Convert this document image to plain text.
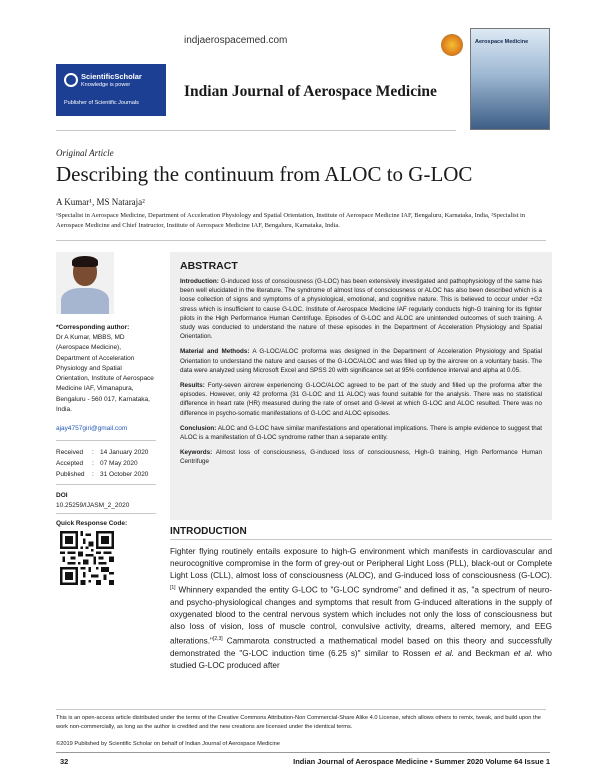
indjaerospacemed.com
ScientificScholar
Knowledge is power
Publisher of Scientific Journals
Indian Journal of Aerospace Medicine
Aerospace Medicine
Original Article
Describing the continuum from ALOC to G-LOC
A Kumar¹, MS Nataraja²
¹Specialist in Aerospace Medicine, Department of Acceleration Physiology and Spatial Orientation, Institute of Aerospace Medicine IAF, Bengaluru, Karnataka, India, ²Specialist in Aerospace Medicine and Chief Instructor, Institute of Aerospace Medicine IAF, Bengaluru, Karnataka, India.
*Corresponding author:
Dr A Kumar, MBBS, MD (Aerospace Medicine), Department of Acceleration Physiology and Spatial Orientation, Institute of Aerospace Medicine IAF, Vimanapura, Bengaluru - 560 017, Karnataka, India.
ajay4757giri@gmail.com
Received	: 14 January 2020
Accepted	: 07 May 2020
Published	: 31 October 2020
DOI
10.25259/IJASM_2_2020
Quick Response Code:
ABSTRACT

Introduction: G-induced loss of consciousness (G-LOC) has been extensively investigated and pathophysiology of the same has been well elucidated in the literature. The syndrome of almost loss of consciousness or ALOC has also been described which is a loose collection of signs and symptoms of a physiological, emotional, and cognitive nature. This is believed to occur under +Gz stress which is insufficient to cause G-LOC. Institute of Aerospace Medicine IAF regularly conducts high-G training for its fighter pilots in the High Performance Human Centrifuge. Episodes of G-LOC and ALOC are unintended outcomes of such training. A study was conducted to understand the nature of these episodes in the Department of Acceleration Physiology and Spatial Orientation.

Material and Methods: A G-LOC/ALOC proforma was designed in the Department of Acceleration Physiology and Spatial Orientation to understand the nature and causes of the G-LOC/ALOC and was filled up by the aircrew on a voluntary basis. The data were analyzed using Microsoft Excel and SPSS 20 with significance set at 95% confidence interval and alpha at 0.05.

Results: Forty-seven aircrew experiencing G-LOC/ALOC agreed to be part of the study and filled up the proforma after the episodes. However, only 42 proforma (31 G-LOC and 11 ALOC) was found suitable for the analysis. There was no statistical difference in heart rate (HR) measured during the rate of onset and G-level at which G-LOC and ALOC resulted. There was no difference in psycho-somatic manifestations of G-LOC and ALOC episodes.

Conclusion: ALOC and G-LOC have similar manifestations and operational implications. There is ample evidence to suggest that ALOC is a manifestation of G-LOC syndrome rather than a separate entity.

Keywords: Almost loss of consciousness, G-induced loss of consciousness, High-G training, High Performance Human Centrifuge

INTRODUCTION
Fighter flying routinely entails exposure to high-G environment which manifests in cardiovascular and neurocognitive compromise in the form of grey-out or Peripheral Light Loss (PLL), black-out or Complete Light Loss (CLL), almost loss of consciousness (ALOC), and G-induced loss of consciousness (G-LOC).[1] Whinnery expanded the entity G-LOC to "G-LOC syndrome" and defined it as, "a spectrum of neuro- and psycho-physiological changes and symptoms that result from G-induced alterations in the supply of oxygenated blood to the central nervous system which includes not only the loss of consciousness but also loss of vision, loss of muscle control, convulsive activity, dreams, altered memory, and EEG alterations."[2,3] Cammarota constructed a mathematical model based on this theory and successfully demonstrated the "G-LOC induction time (6.25 s)" similar to Rossen et al. and Beckman et al. who studied G-LOC produced after
This is an open-access article distributed under the terms of the Creative Commons Attribution-Non Commercial-Share Alike 4.0 License, which allows others to remix, tweak, and build upon the work non-commercially, as long as the author is credited and the new creations are licensed under the identical terms.
©2019 Published by Scientific Scholar on behalf of Indian Journal of Aerospace Medicine
32	Indian Journal of Aerospace Medicine • Summer 2020 Volume 64 Issue 1
